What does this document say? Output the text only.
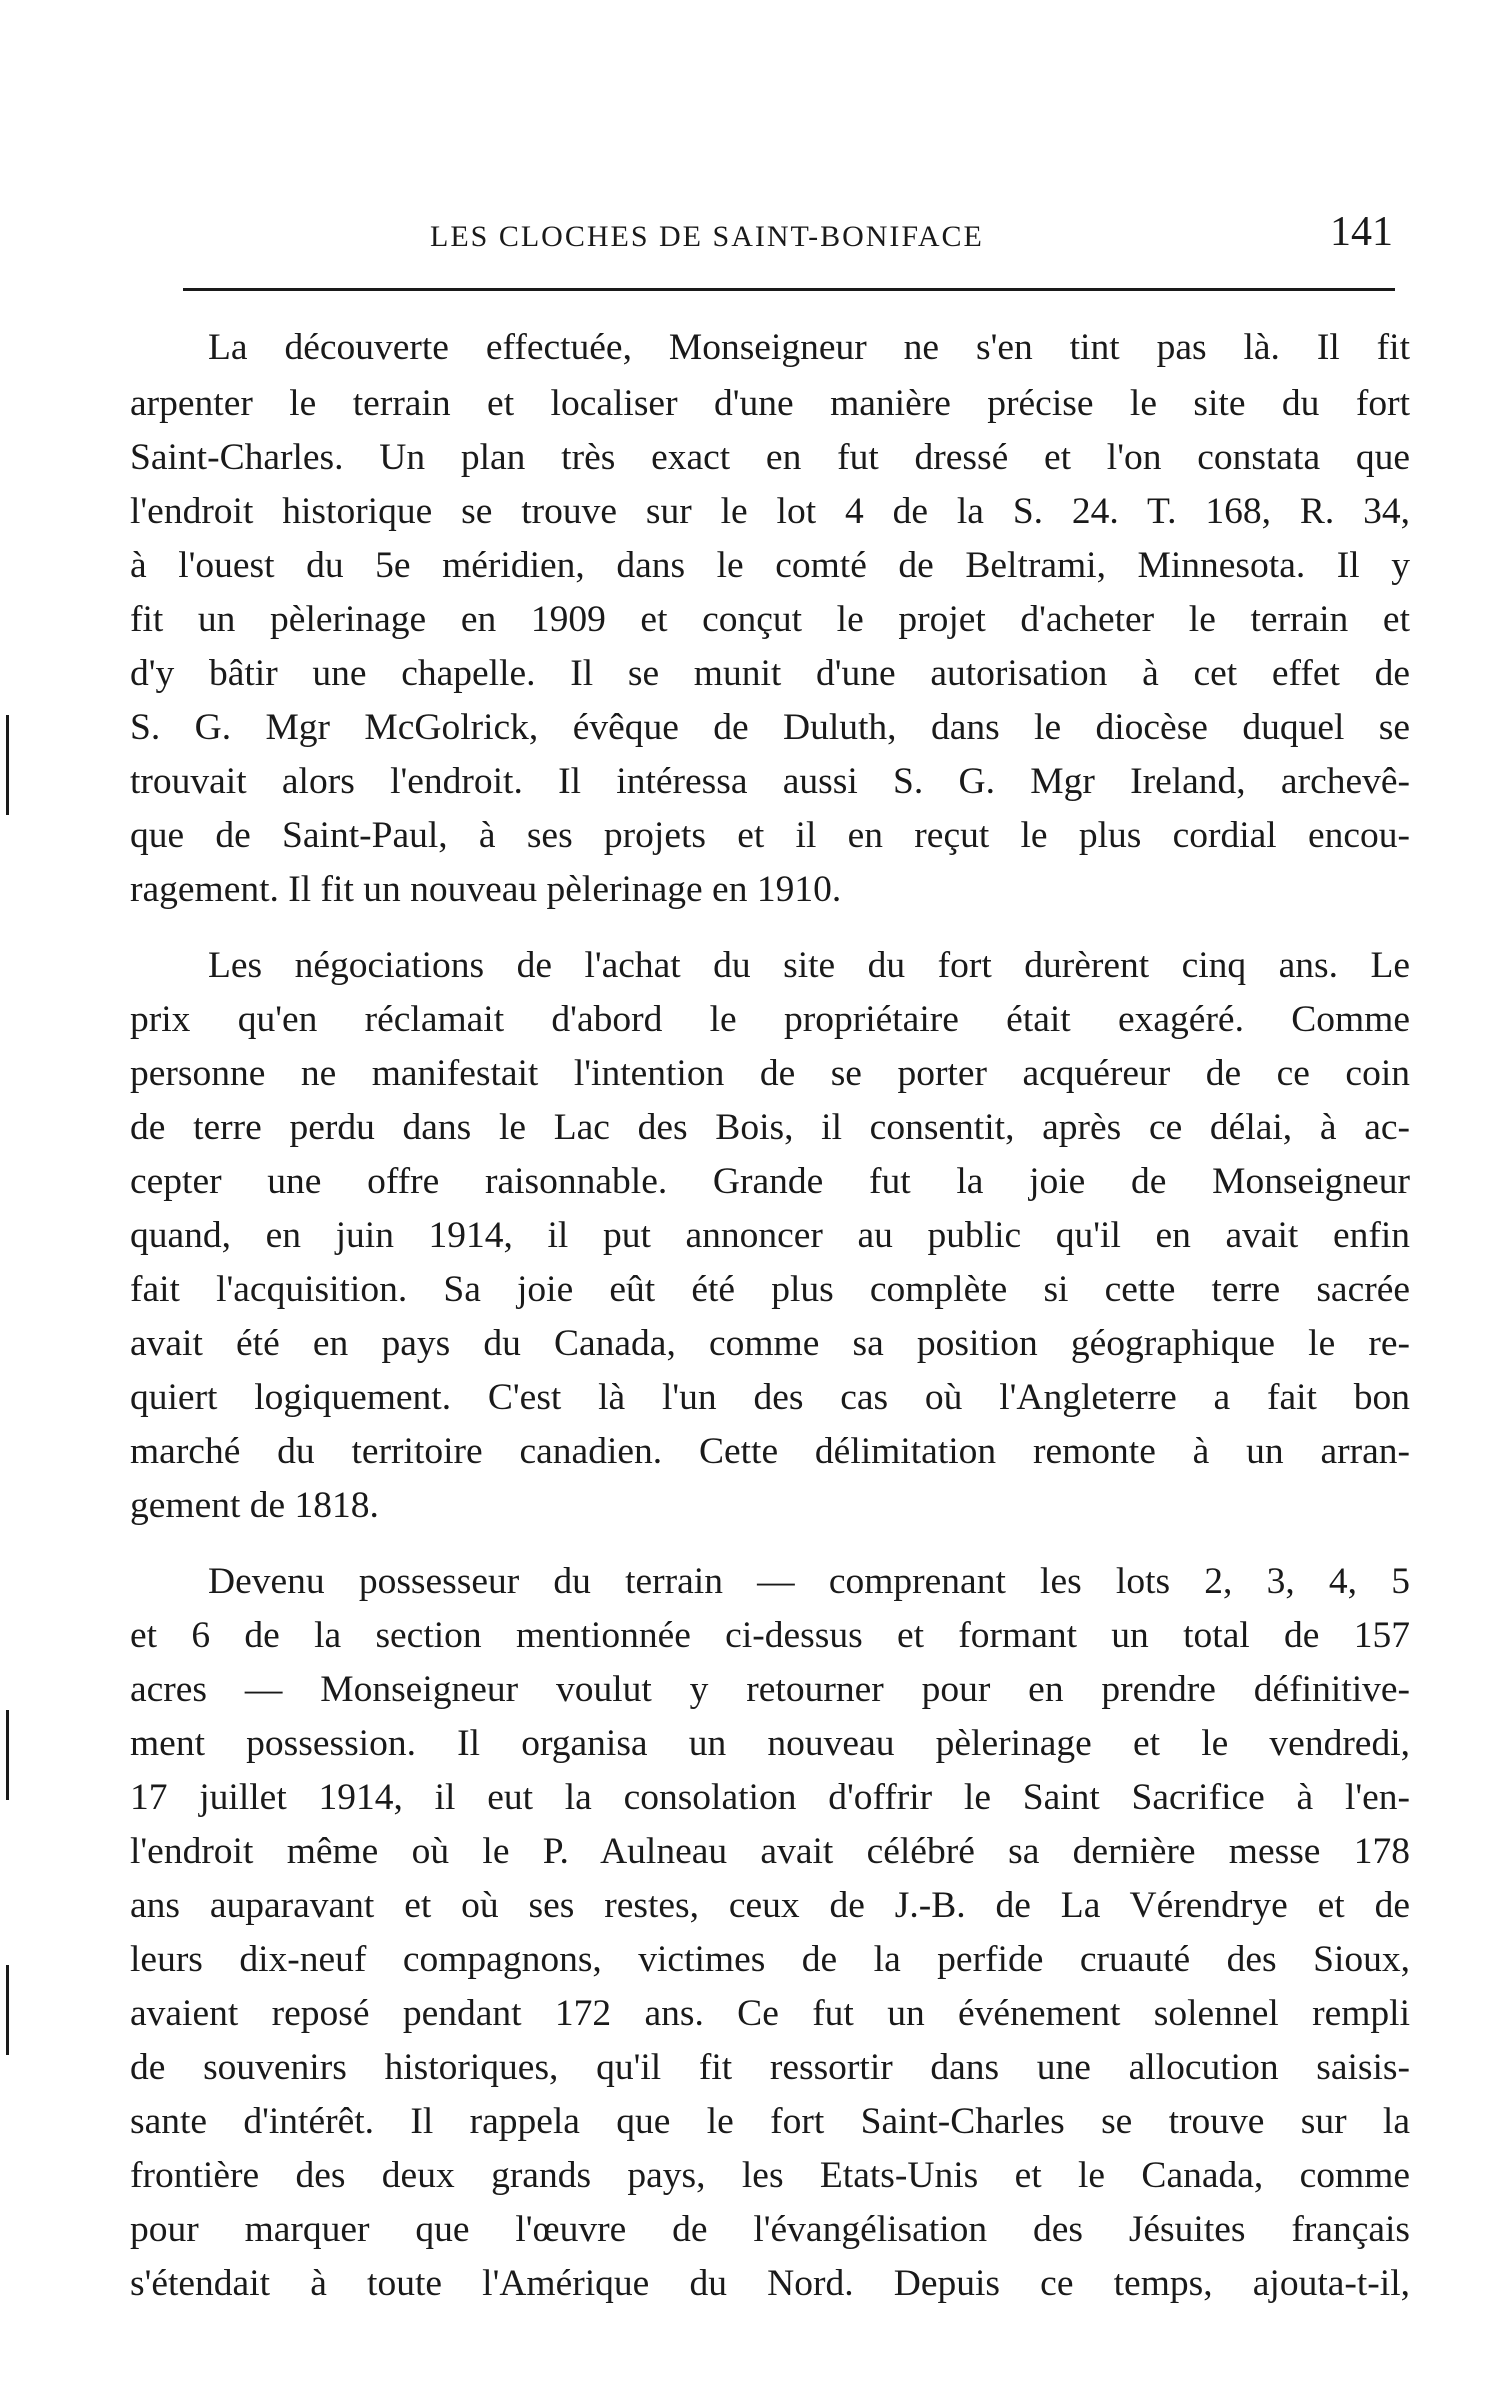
LES CLOCHES DE SAINT-BONIFACE	141
La découverte effectuée, Monseigneur ne s'en tint pas là. Il fit
arpenter le terrain et localiser d'une manière précise le site du fort
Saint-Charles. Un plan très exact en fut dressé et l'on constata que
l'endroit historique se trouve sur le lot 4 de la S. 24. T. 168, R. 34,
à l'ouest du 5e méridien, dans le comté de Beltrami, Minnesota. Il y
fit un pèlerinage en 1909 et conçut le projet d'acheter le terrain et
d'y bâtir une chapelle. Il se munit d'une autorisation à cet effet de
S. G. Mgr McGolrick, évêque de Duluth, dans le diocèse duquel se
trouvait alors l'endroit. Il intéressa aussi S. G. Mgr Ireland, archevê-
que de Saint-Paul, à ses projets et il en reçut le plus cordial encou-
ragement. Il fit un nouveau pèlerinage en 1910.
Les négociations de l'achat du site du fort durèrent cinq ans. Le
prix qu'en réclamait d'abord le propriétaire était exagéré. Comme
personne ne manifestait l'intention de se porter acquéreur de ce coin
de terre perdu dans le Lac des Bois, il consentit, après ce délai, à ac-
cepter une offre raisonnable. Grande fut la joie de Monseigneur
quand, en juin 1914, il put annoncer au public qu'il en avait enfin
fait l'acquisition. Sa joie eût été plus complète si cette terre sacrée
avait été en pays du Canada, comme sa position géographique le re-
quiert logiquement. C'est là l'un des cas où l'Angleterre a fait bon
marché du territoire canadien. Cette délimitation remonte à un arran-
gement de 1818.
Devenu possesseur du terrain — comprenant les lots 2, 3, 4, 5
et 6 de la section mentionnée ci-dessus et formant un total de 157
acres — Monseigneur voulut y retourner pour en prendre définitive-
ment possession. Il organisa un nouveau pèlerinage et le vendredi,
17 juillet 1914, il eut la consolation d'offrir le Saint Sacrifice à l'en-
l'endroit même où le P. Aulneau avait célébré sa dernière messe 178
ans auparavant et où ses restes, ceux de J.-B. de La Vérendrye et de
leurs dix-neuf compagnons, victimes de la perfide cruauté des Sioux,
avaient reposé pendant 172 ans. Ce fut un événement solennel rempli
de souvenirs historiques, qu'il fit ressortir dans une allocution saisis-
sante d'intérêt. Il rappela que le fort Saint-Charles se trouve sur la
frontière des deux grands pays, les Etats-Unis et le Canada, comme
pour marquer que l'œuvre de l'évangélisation des Jésuites français
s'étendait à toute l'Amérique du Nord. Depuis ce temps, ajouta-t-il,
